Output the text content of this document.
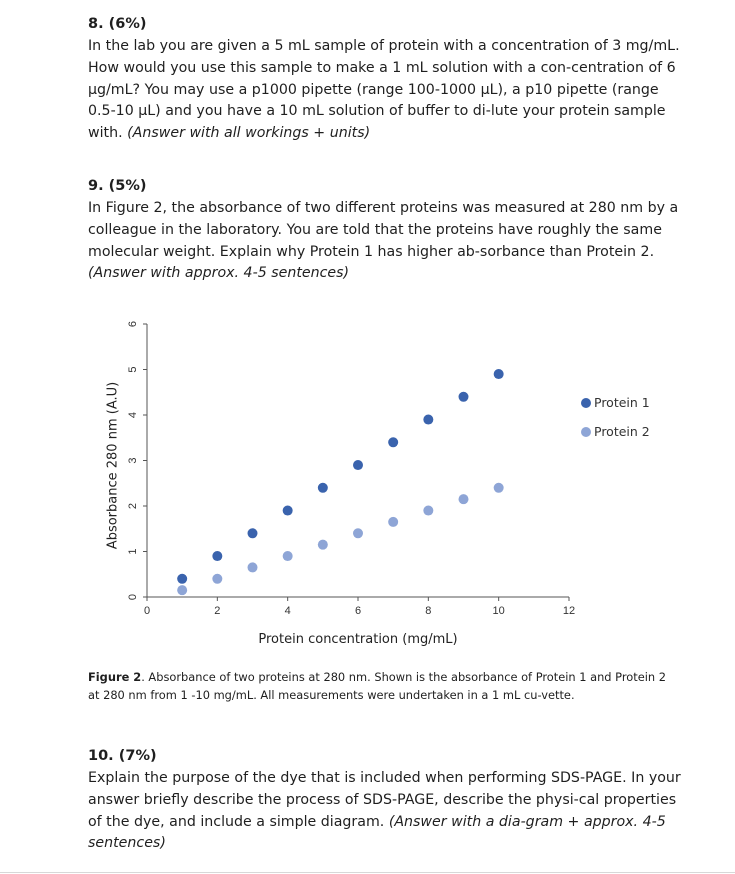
8. (6%)
In the lab you are given a 5 mL sample of protein with a concentration of 3 mg/mL. How would you use this sample to make a 1 mL solution with a con-centration of 6 μg/mL? You may use a p1000 pipette (range 100-1000 μL), a p10 pipette (range 0.5-10 μL) and you have a 10 mL solution of buffer to di-lute your protein sample with. (Answer with all workings + units)
9. (5%)
In Figure 2, the absorbance of two different proteins was measured at 280 nm by a colleague in the laboratory. You are told that the proteins have roughly the same molecular weight. Explain why Protein 1 has higher ab-sorbance than Protein 2. (Answer with approx. 4-5 sentences)
0
1
2
3
4
5
6
0	2	4	6	8	10	12
Protein 1
Protein 2
Protein concentration (mg/mL)
Absorbance 280 nm (A.U)
Figure 2. Absorbance of two proteins at 280 nm. Shown is the absorbance of Protein 1 and Protein 2 at 280 nm from 1 -10 mg/mL. All measurements were undertaken in a 1 mL cu-vette.
10. (7%)
Explain the purpose of the dye that is included when performing SDS-PAGE. In your answer briefly describe the process of SDS-PAGE, describe the physi-cal properties of the dye, and include a simple diagram. (Answer with a dia-gram + approx. 4-5 sentences)
